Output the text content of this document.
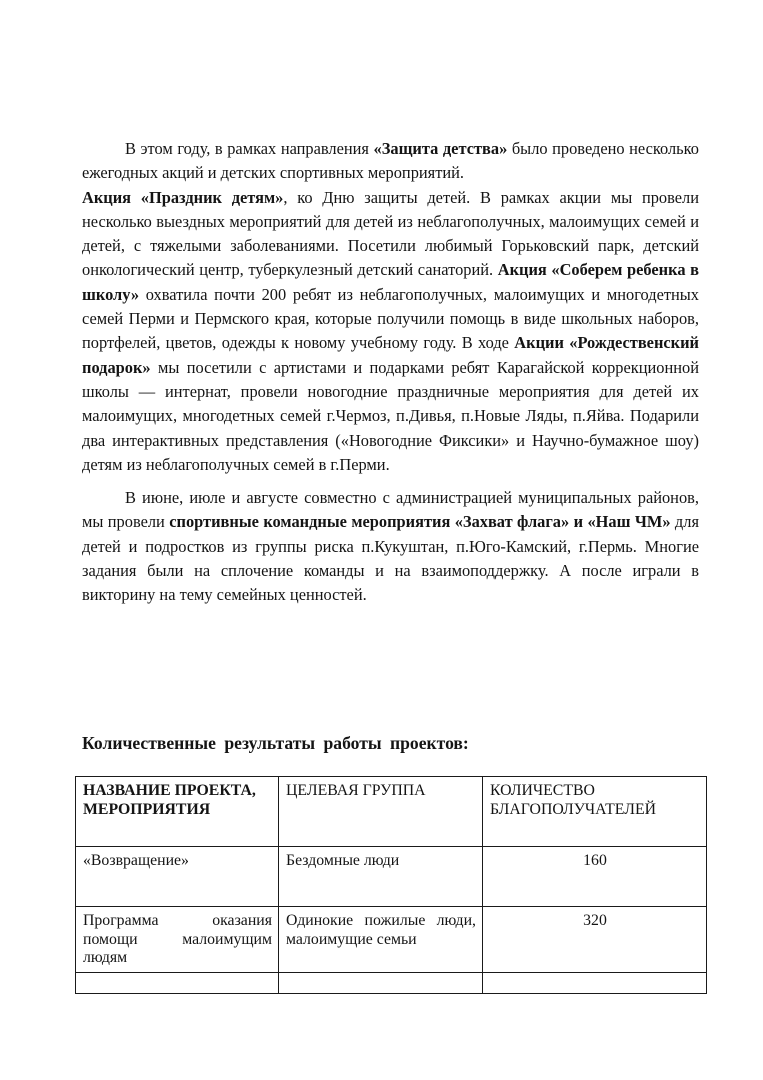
В этом году, в рамках направления «Защита детства» было проведено несколько ежегодных акций и детских спортивных мероприятий.

Акция «Праздник детям», ко Дню защиты детей. В рамках акции мы провели несколько выездных мероприятий для детей из неблагополучных, малоимущих семей и детей, с тяжелыми заболеваниями. Посетили любимый Горьковский парк, детский онкологический центр, туберкулезный детский санаторий. Акция «Соберем ребенка в школу» охватила почти 200 ребят из неблагополучных, малоимущих и многодетных семей Перми и Пермского края, которые получили помощь в виде школьных наборов, портфелей, цветов, одежды к новому учебному году. В ходе Акции «Рождественский подарок» мы посетили с артистами и подарками ребят Карагайской коррекционной школы — интернат, провели новогодние праздничные мероприятия для детей их малоимущих, многодетных семей г.Чермоз, п.Дивья, п.Новые Ляды, п.Яйва. Подарили два интерактивных представления («Новогодние Фиксики» и Научно-бумажное шоу) детям из неблагополучных семей в г.Перми.

В июне, июле и августе совместно с администрацией муниципальных районов, мы провели спортивные командные мероприятия «Захват флага» и «Наш ЧМ» для детей и подростков из группы риска п.Кукуштан, п.Юго-Камский, г.Пермь. Многие задания были на сплочение команды и на взаимоподдержку. А после играли в викторину на тему семейных ценностей.

Количественные результаты работы проектов:
НАЗВАНИЕ ПРОЕКТА, МЕРОПРИЯТИЯ	ЦЕЛЕВАЯ ГРУППА	КОЛИЧЕСТВО БЛАГОПОЛУЧАТЕЛЕЙ
«Возвращение»	Бездомные люди	160
Программа оказания помощи малоимущим людям	Одинокие пожилые люди, малоимущие семьи	320
